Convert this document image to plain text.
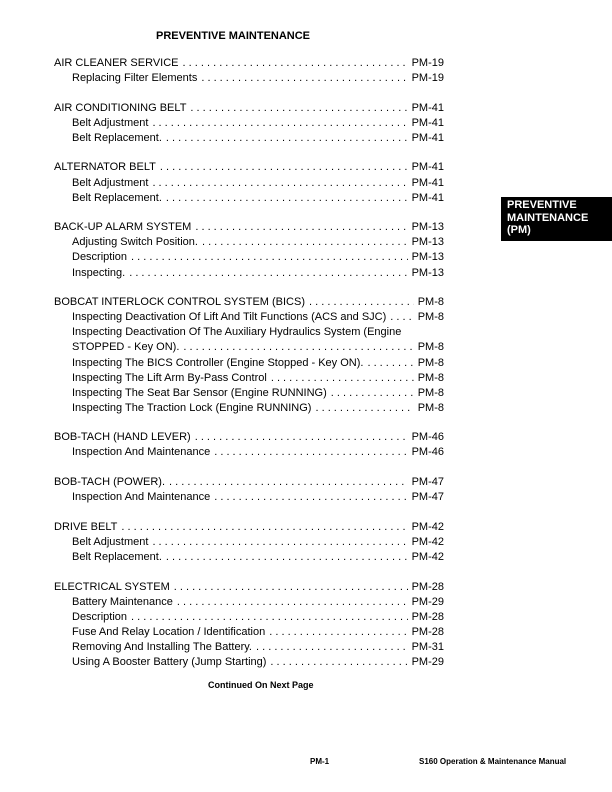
PREVENTIVE MAINTENANCE
AIR CLEANER SERVICE . . .	PM-19
Replacing Filter Elements . . .	PM-19
AIR CONDITIONING BELT . . .	PM-41
Belt Adjustment . . .	PM-41
Belt Replacement. . . .	PM-41
ALTERNATOR BELT . . .	PM-41
Belt Adjustment . . .	PM-41
Belt Replacement. . . .	PM-41
BACK-UP ALARM SYSTEM . . .	PM-13
Adjusting Switch Position. . . .	PM-13
Description . . .	PM-13
Inspecting. . . .	PM-13
BOBCAT INTERLOCK CONTROL SYSTEM (BICS) . . .	PM-8
Inspecting Deactivation Of Lift And Tilt Functions (ACS and SJC) . . .	PM-8
Inspecting Deactivation Of The Auxiliary Hydraulics System (Engine
STOPPED - Key ON). . . .	PM-8
Inspecting The BICS Controller (Engine Stopped - Key ON). . . .	PM-8
Inspecting The Lift Arm By-Pass Control . . .	PM-8
Inspecting The Seat Bar Sensor (Engine RUNNING) . . .	PM-8
Inspecting The Traction Lock (Engine RUNNING) . . .	PM-8
BOB-TACH (HAND LEVER) . . .	PM-46
Inspection And Maintenance . . .	PM-46
BOB-TACH (POWER). . . .	PM-47
Inspection And Maintenance . . .	PM-47
DRIVE BELT . . .	PM-42
Belt Adjustment . . .	PM-42
Belt Replacement. . . .	PM-42
ELECTRICAL SYSTEM . . .	PM-28
Battery Maintenance . . .	PM-29
Description . . .	PM-28
Fuse And Relay Location / Identification . . .	PM-28
Removing And Installing The Battery. . . .	PM-31
Using A Booster Battery (Jump Starting) . . .	PM-29
PREVENTIVE
MAINTENANCE
(PM)
Continued On Next Page
PM-1	S160 Operation & Maintenance Manual
